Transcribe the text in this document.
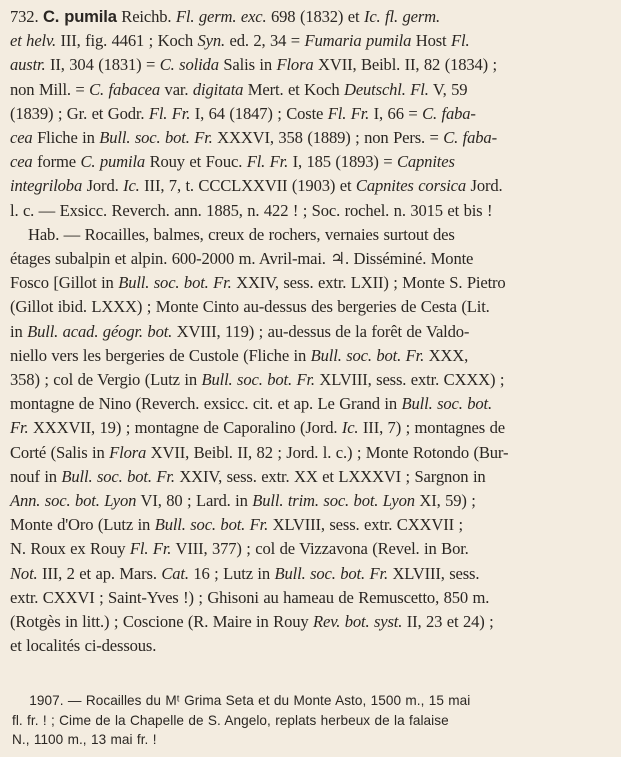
732. C. pumila Reichb. Fl. germ. exc. 698 (1832) et Ic. fl. germ.
et helv. III, fig. 4461 ; Koch Syn. ed. 2, 34 = Fumaria pumila Host Fl.
austr. II, 304 (1831) = C. solida Salis in Flora XVII, Beibl. II, 82 (1834) ;
non Mill. = C. fabacea var. digitata Mert. et Koch Deutschl. Fl. V, 59
(1839) ; Gr. et Godr. Fl. Fr. I, 64 (1847) ; Coste Fl. Fr. I, 66 = C. faba-
cea Fliche in Bull. soc. bot. Fr. XXXVI, 358 (1889) ; non Pers. = C. faba-
cea forme C. pumila Rouy et Fouc. Fl. Fr. I, 185 (1893) = Capnites
integriloba Jord. Ic. III, 7, t. CCCLXXVII (1903) et Capnites corsica Jord.
l. c. — Exsicc. Reverch. ann. 1885, n. 422 ! ; Soc. rochel. n. 3015 et bis !
Hab. — Rocailles, balmes, creux de rochers, vernaies surtout des
étages subalpin et alpin. 600-2000 m. Avril-mai. ♃. Disséminé. Monte
Fosco [Gillot in Bull. soc. bot. Fr. XXIV, sess. extr. LXII) ; Monte S. Pietro
(Gillot ibid. LXXX) ; Monte Cinto au-dessus des bergeries de Cesta (Lit.
in Bull. acad. géogr. bot. XVIII, 119) ; au-dessus de la forêt de Valdo-
niello vers les bergeries de Custole (Fliche in Bull. soc. bot. Fr. XXX,
358) ; col de Vergio (Lutz in Bull. soc. bot. Fr. XLVIII, sess. extr. CXXX) ;
montagne de Nino (Reverch. exsicc. cit. et ap. Le Grand in Bull. soc. bot.
Fr. XXXVII, 19) ; montagne de Caporalino (Jord. Ic. III, 7) ; montagnes de
Corté (Salis in Flora XVII, Beibl. II, 82 ; Jord. l. c.) ; Monte Rotondo (Bur-
nouf in Bull. soc. bot. Fr. XXIV, sess. extr. XX et LXXXVI ; Sargnon in
Ann. soc. bot. Lyon VI, 80 ; Lard. in Bull. trim. soc. bot. Lyon XI, 59) ;
Monte d'Oro (Lutz in Bull. soc. bot. Fr. XLVIII, sess. extr. CXXVII ;
N. Roux ex Rouy Fl. Fr. VIII, 377) ; col de Vizzavona (Revel. in Bor.
Not. III, 2 et ap. Mars. Cat. 16 ; Lutz in Bull. soc. bot. Fr. XLVIII, sess.
extr. CXXVI ; Saint-Yves !) ; Ghisoni au hameau de Remuscetto, 850 m.
(Rotgès in litt.) ; Coscione (R. Maire in Rouy Rev. bot. syst. II, 23 et 24) ;
et localités ci-dessous.
1907. — Rocailles du Mᵗ Grima Seta et du Monte Asto, 1500 m., 15 mai
fl. fr. ! ; Cime de la Chapelle de S. Angelo, replats herbeux de la falaise
N., 1100 m., 13 mai fr. !
